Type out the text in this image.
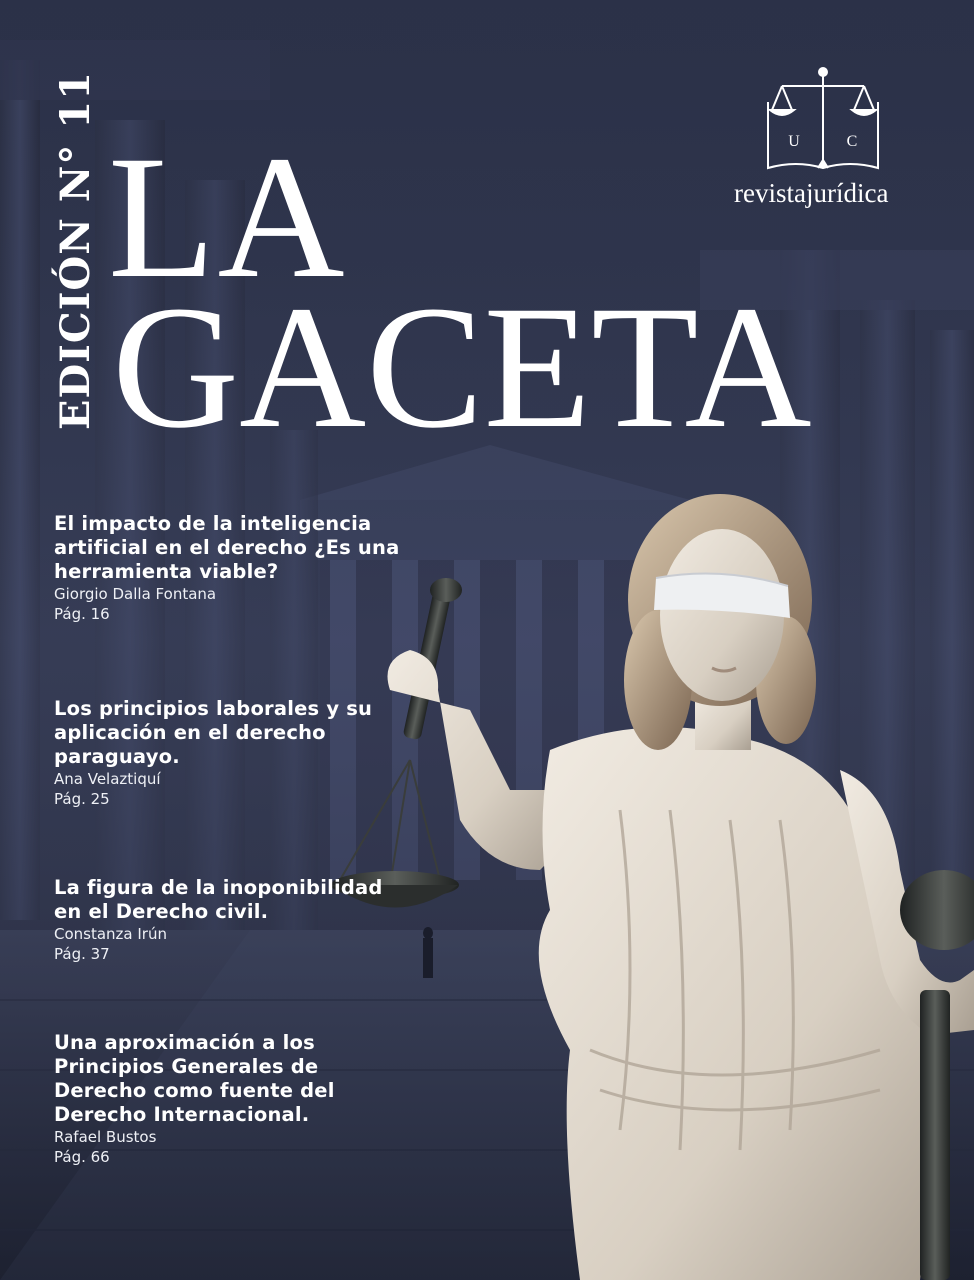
EDICIÓN N° 11 LA
GACETA
U	C
revistajurídica
El impacto de la inteligencia artificial en el derecho ¿Es una herramienta viable?
Giorgio Dalla Fontana
Pág. 16
Los principios laborales y su aplicación en el derecho paraguayo.
Ana Velaztiquí
Pág. 25
La figura de la inoponibilidad en el Derecho civil.
Constanza Irún
Pág. 37
Una aproximación a los Principios Generales de Derecho como fuente del Derecho Internacional.
Rafael Bustos
Pág. 66
